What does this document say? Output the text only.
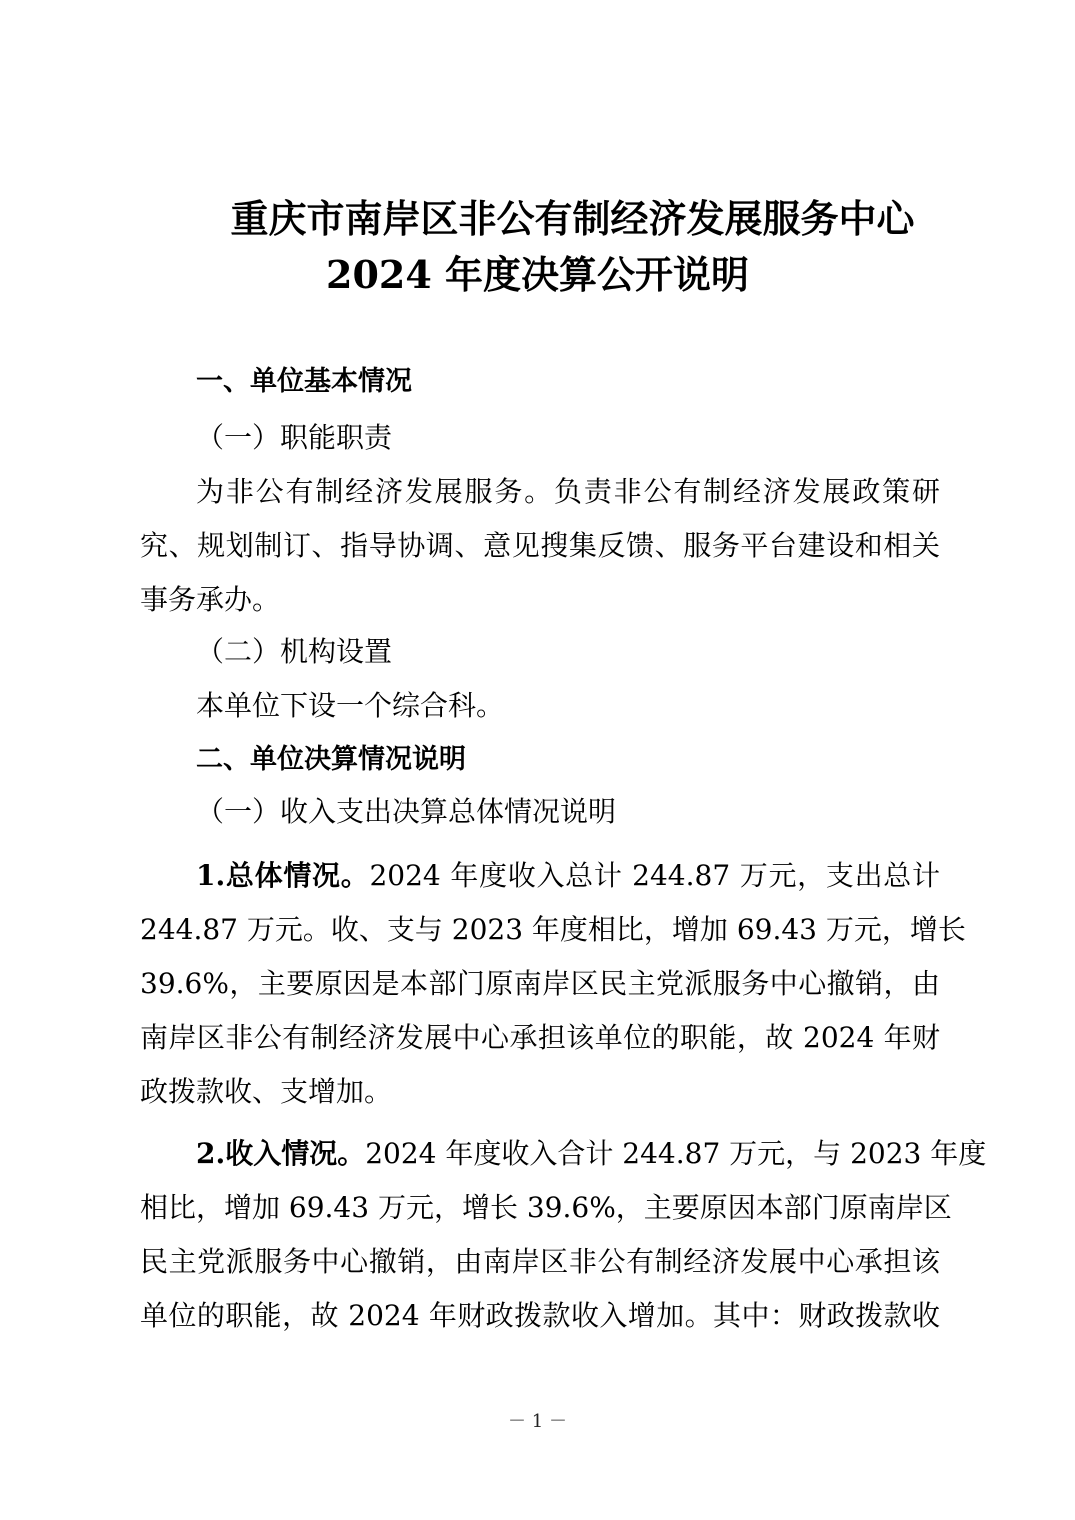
重庆市南岸区非公有制经济发展服务中心
2024 年度决算公开说明
一、单位基本情况
（一）职能职责
为非公有制经济发展服务。负责非公有制经济发展政策研
究、规划制订、指导协调、意见搜集反馈、服务平台建设和相关
事务承办。
（二）机构设置
本单位下设一个综合科。
二、单位决算情况说明
（一）收入支出决算总体情况说明
1.总体情况。2024 年度收入总计 244.87 万元，支出总计
244.87 万元。收、支与 2023 年度相比，增加 69.43 万元，增长
39.6%，主要原因是本部门原南岸区民主党派服务中心撤销，由
南岸区非公有制经济发展中心承担该单位的职能，故 2024 年财
政拨款收、支增加。
2.收入情况。2024 年度收入合计 244.87 万元，与 2023 年度
相比，增加 69.43 万元，增长 39.6%，主要原因本部门原南岸区
民主党派服务中心撤销，由南岸区非公有制经济发展中心承担该
单位的职能，故 2024 年财政拨款收入增加。其中：财政拨款收
－ 1 －
